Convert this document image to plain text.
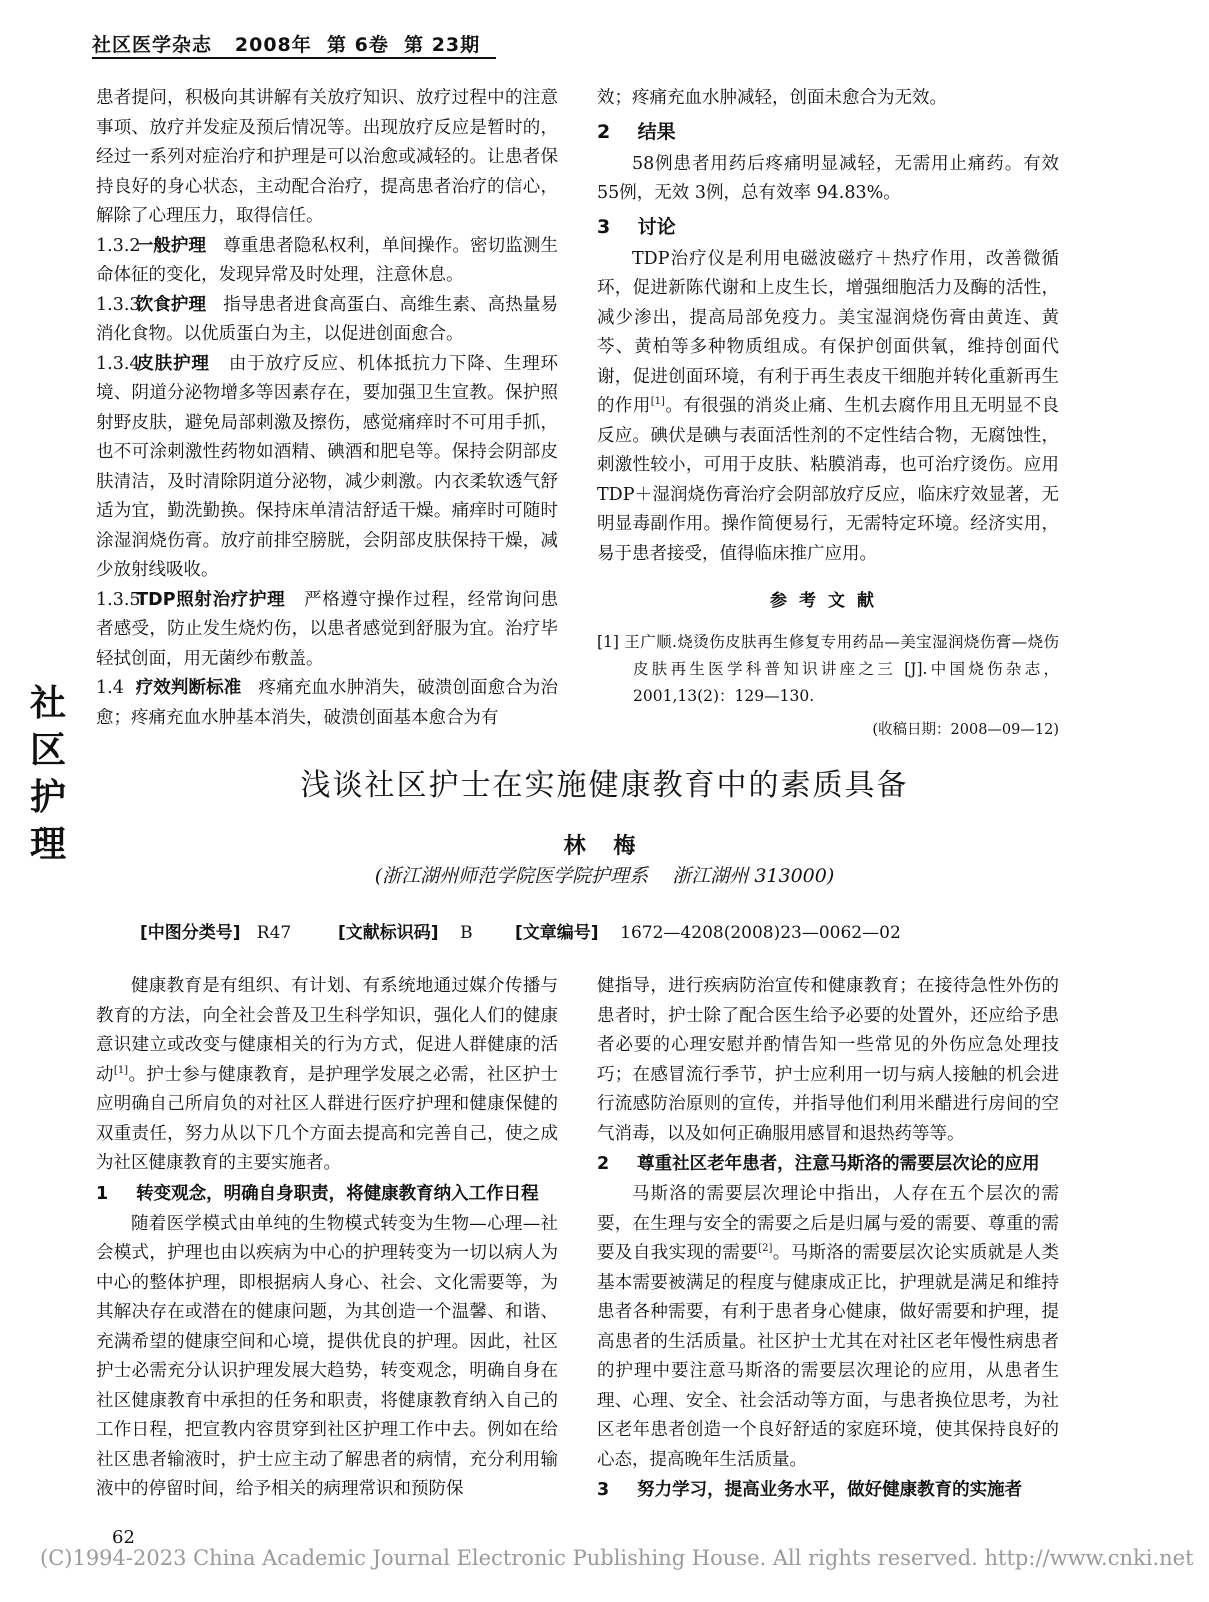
社区医学杂志 2008年 第 6卷 第 23期
社
区
护
理

患者提问，积极向其讲解有关放疗知识、放疗过程中的注意事项、放疗并发症及预后情况等。出现放疗反应是暂时的，经过一系列对症治疗和护理是可以治愈或减轻的。让患者保持良好的身心状态，主动配合治疗，提高患者治疗的信心，解除了心理压力，取得信任。

1.3.2 一般护理 尊重患者隐私权利，单间操作。密切监测生命体征的变化，发现异常及时处理，注意休息。

1.3.3 饮食护理 指导患者进食高蛋白、高维生素、高热量易消化食物。以优质蛋白为主，以促进创面愈合。

1.3.4 皮肤护理 由于放疗反应、机体抵抗力下降、生理环境、阴道分泌物增多等因素存在，要加强卫生宣教。保护照射野皮肤，避免局部刺激及擦伤，感觉痛痒时不可用手抓，也不可涂刺激性药物如酒精、碘酒和肥皂等。保持会阴部皮肤清洁，及时清除阴道分泌物，减少刺激。内衣柔软透气舒适为宜，勤洗勤换。保持床单清洁舒适干燥。痛痒时可随时涂湿润烧伤膏。放疗前排空膀胱，会阴部皮肤保持干燥，减少放射线吸收。

1.3.5 TDP照射治疗护理 严格遵守操作过程，经常询问患者感受，防止发生烧灼伤，以患者感觉到舒服为宜。治疗毕轻拭创面，用无菌纱布敷盖。

1.4 疗效判断标准 疼痛充血水肿消失，破溃创面愈合为治愈；疼痛充血水肿基本消失，破溃创面基本愈合为有

效；疼痛充血水肿减轻，创面未愈合为无效。

2 结果

58例患者用药后疼痛明显减轻，无需用止痛药。有效55例，无效 3例，总有效率 94.83%。

3 讨论

TDP治疗仪是利用电磁波磁疗＋热疗作用，改善微循环，促进新陈代谢和上皮生长，增强细胞活力及酶的活性，减少渗出，提高局部免疫力。美宝湿润烧伤膏由黄连、黄芩、黄柏等多种物质组成。有保护创面供氧，维持创面代谢，促进创面环境，有利于再生表皮干细胞并转化重新再生的作用[1]。有很强的消炎止痛、生机去腐作用且无明显不良反应。碘伏是碘与表面活性剂的不定性结合物，无腐蚀性，刺激性较小，可用于皮肤、粘膜消毒，也可治疗烫伤。应用 TDP＋湿润烧伤膏治疗会阴部放疗反应，临床疗效显著，无明显毒副作用。操作简便易行，无需特定环境。经济实用，易于患者接受，值得临床推广应用。

参考文献
[1] 王广顺.烧烫伤皮肤再生修复专用药品—美宝湿润烧伤膏—烧伤皮肤再生医学科普知识讲座之三 [J].中国烧伤杂志，2001,13(2)：129—130.
(收稿日期：2008—09—12)
浅谈社区护士在实施健康教育中的素质具备
林 梅
(浙江湖州师范学院医学院护理系    浙江湖州 313000)
[中图分类号] R47	[文献标识码] B [文章编号] 1672—4208(2008)23—0062—02

健康教育是有组织、有计划、有系统地通过媒介传播与教育的方法，向全社会普及卫生科学知识，强化人们的健康意识建立或改变与健康相关的行为方式，促进人群健康的活动[1]。护士参与健康教育，是护理学发展之必需，社区护士应明确自己所肩负的对社区人群进行医疗护理和健康保健的双重责任，努力从以下几个方面去提高和完善自己，使之成为社区健康教育的主要实施者。

1 转变观念，明确自身职责，将健康教育纳入工作日程

随着医学模式由单纯的生物模式转变为生物—心理—社会模式，护理也由以疾病为中心的护理转变为一切以病人为中心的整体护理，即根据病人身心、社会、文化需要等，为其解决存在或潜在的健康问题，为其创造一个温馨、和谐、充满希望的健康空间和心境，提供优良的护理。因此，社区护士必需充分认识护理发展大趋势，转变观念，明确自身在社区健康教育中承担的任务和职责，将健康教育纳入自己的工作日程，把宣教内容贯穿到社区护理工作中去。例如在给社区患者输液时，护士应主动了解患者的病情，充分利用输液中的停留时间，给予相关的病理常识和预防保

健指导，进行疾病防治宣传和健康教育；在接待急性外伤的患者时，护士除了配合医生给予必要的处置外，还应给予患者必要的心理安慰并酌情告知一些常见的外伤应急处理技巧；在感冒流行季节，护士应利用一切与病人接触的机会进行流感防治原则的宣传，并指导他们利用米醋进行房间的空气消毒，以及如何正确服用感冒和退热药等等。

2 尊重社区老年患者，注意马斯洛的需要层次论的应用

马斯洛的需要层次理论中指出，人存在五个层次的需要，在生理与安全的需要之后是归属与爱的需要、尊重的需要及自我实现的需要[2]。马斯洛的需要层次论实质就是人类基本需要被满足的程度与健康成正比，护理就是满足和维持患者各种需要，有利于患者身心健康，做好需要和护理，提高患者的生活质量。社区护士尤其在对社区老年慢性病患者的护理中要注意马斯洛的需要层次理论的应用，从患者生理、心理、安全、社会活动等方面，与患者换位思考，为社区老年患者创造一个良好舒适的家庭环境，使其保持良好的心态，提高晚年生活质量。

3 努力学习，提高业务水平，做好健康教育的实施者
62
(C)1994-2023 China Academic Journal Electronic Publishing House. All rights reserved. http://www.cnki.net
